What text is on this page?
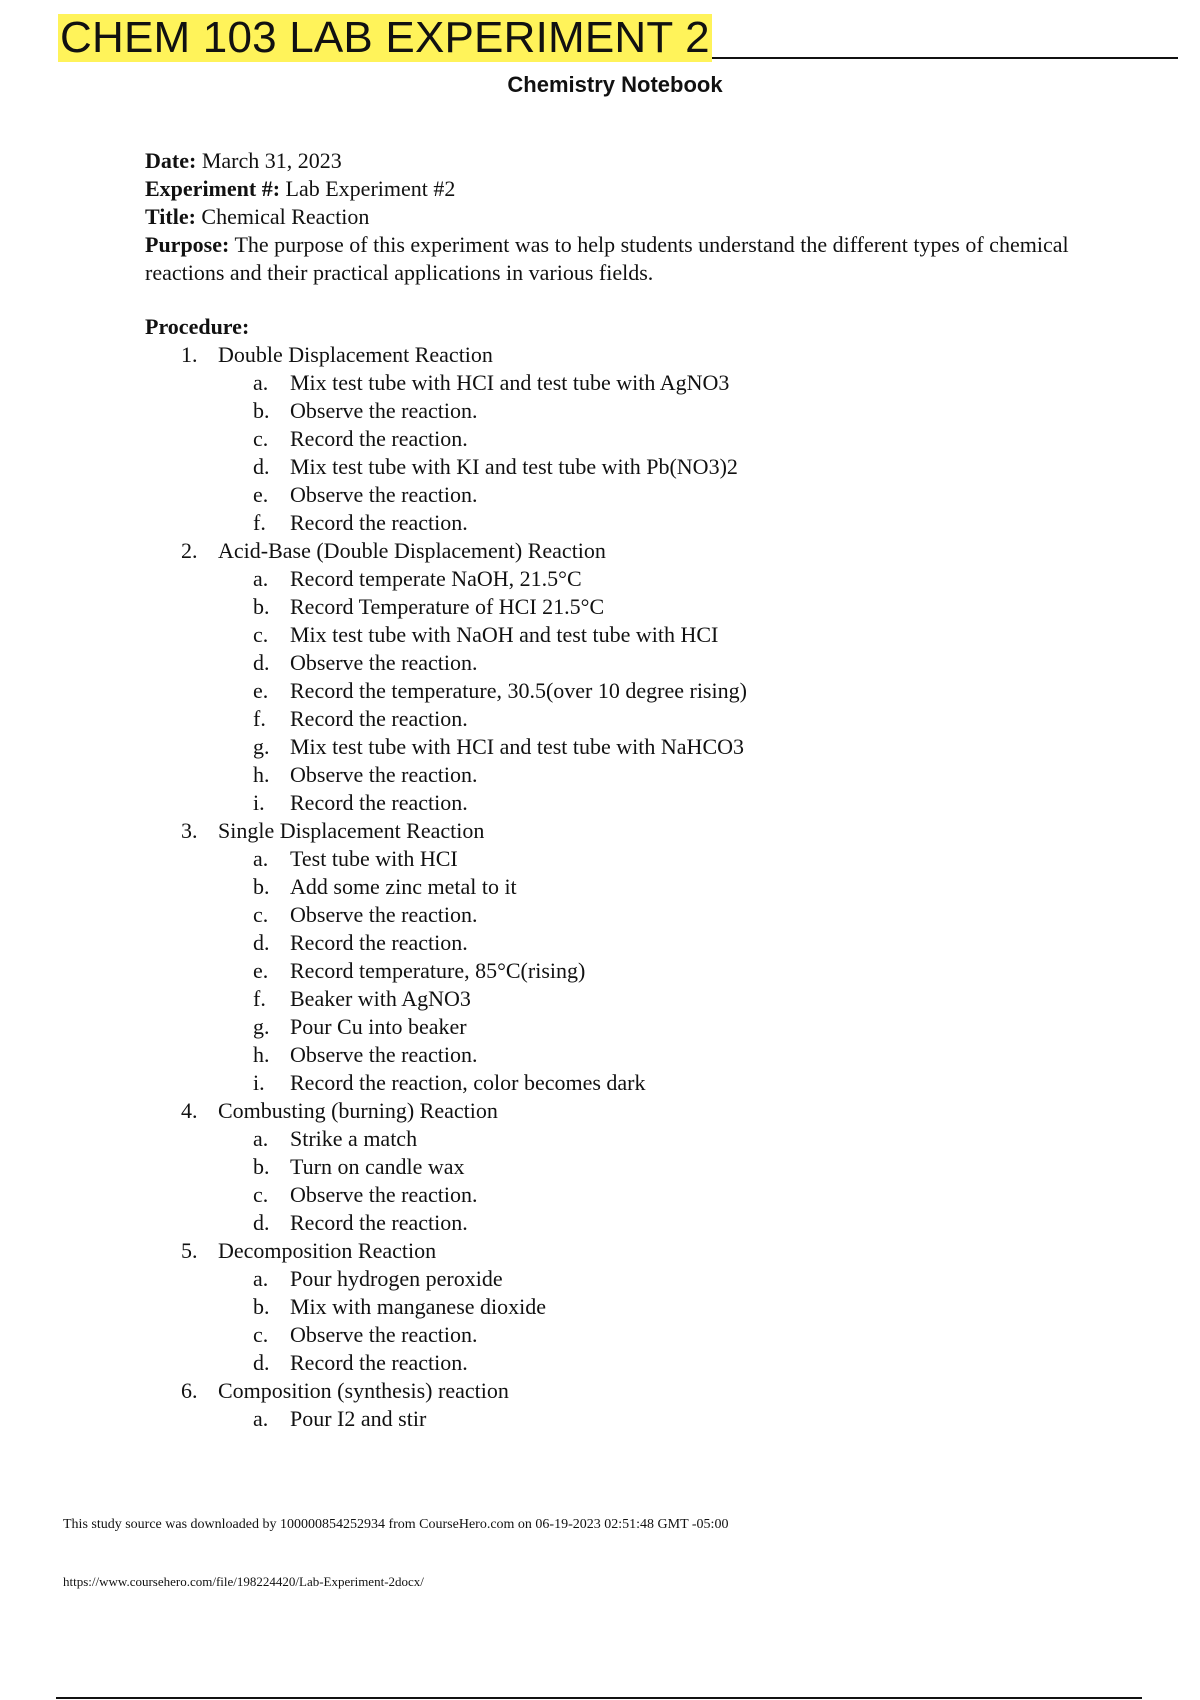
CHEM 103 LAB EXPERIMENT 2
Chemistry Notebook

Date: March 31, 2023

Experiment #: Lab Experiment #2

Title: Chemical Reaction

Purpose: The purpose of this experiment was to help students understand the different types of chemical reactions and their practical applications in various fields.

Procedure:

1. Double Displacement Reaction
a. Mix test tube with HCI and test tube with AgNO3
b. Observe the reaction.
c. Record the reaction.
d. Mix test tube with KI and test tube with Pb(NO3)2
e. Observe the reaction.
f. Record the reaction.
2. Acid-Base (Double Displacement) Reaction
a. Record temperate NaOH, 21.5°C
b. Record Temperature of HCI 21.5°C
c. Mix test tube with NaOH and test tube with HCI
d. Observe the reaction.
e. Record the temperature, 30.5(over 10 degree rising)
f. Record the reaction.
g. Mix test tube with HCI and test tube with NaHCO3
h. Observe the reaction.
i. Record the reaction.
3. Single Displacement Reaction
a. Test tube with HCI
b. Add some zinc metal to it
c. Observe the reaction.
d. Record the reaction.
e. Record temperature, 85°C(rising)
f. Beaker with AgNO3
g. Pour Cu into beaker
h. Observe the reaction.
i. Record the reaction, color becomes dark
4. Combusting (burning) Reaction
a. Strike a match
b. Turn on candle wax
c. Observe the reaction.
d. Record the reaction.
5. Decomposition Reaction
a. Pour hydrogen peroxide
b. Mix with manganese dioxide
c. Observe the reaction.
d. Record the reaction.
6. Composition (synthesis) reaction
a. Pour I2 and stir
This study source was downloaded by 100000854252934 from CourseHero.com on 06-19-2023 02:51:48 GMT -05:00
https://www.coursehero.com/file/198224420/Lab-Experiment-2docx/
